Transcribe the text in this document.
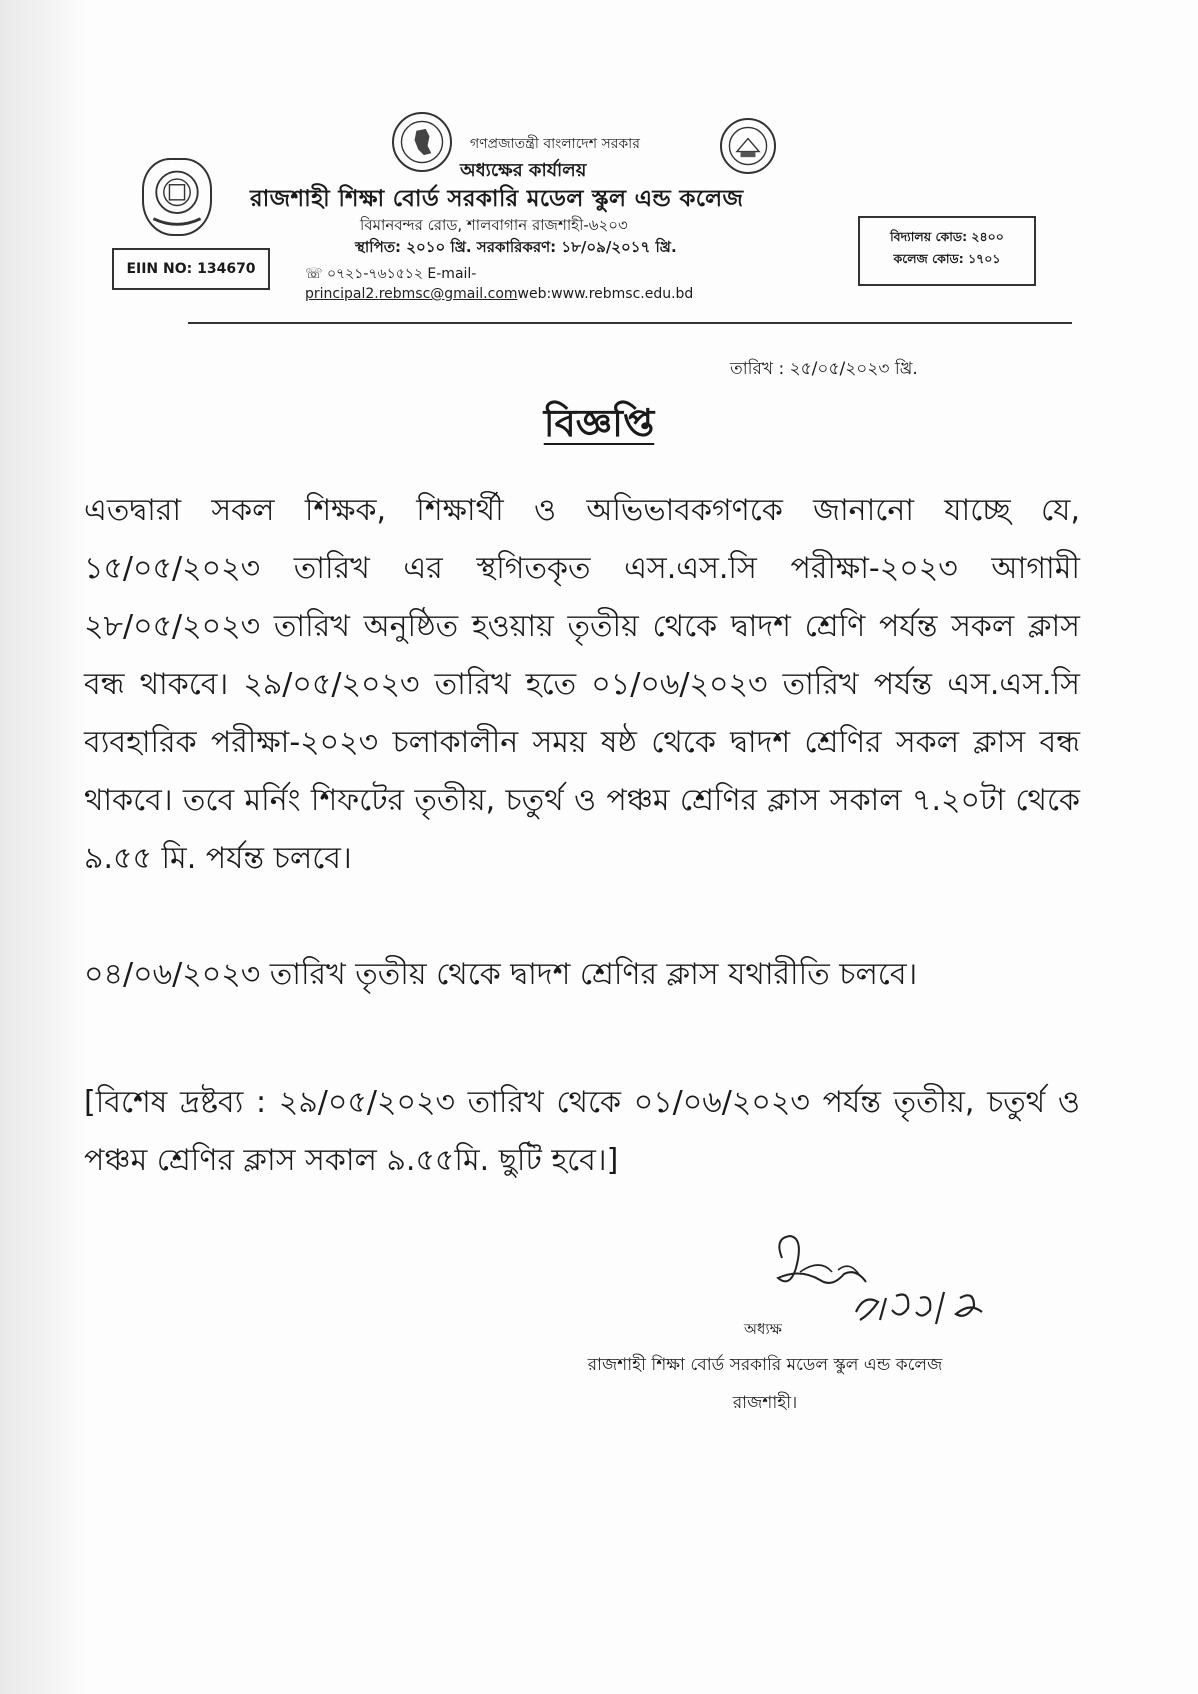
গণপ্রজাতন্ত্রী বাংলাদেশ সরকার
অধ্যক্ষের কার্যালয়
রাজশাহী শিক্ষা বোর্ড সরকারি মডেল স্কুল এন্ড কলেজ
বিমানবন্দর রোড, শালবাগান রাজশাহী-৬২০৩
স্থাপিত: ২০১০ খ্রি. সরকারিকরণ: ১৮/০৯/২০১৭ খ্রি.
☏ ০৭২১-৭৬১৫১২ E-mail- principal2.rebmsc@gmail.comweb:www.rebmsc.edu.bd
EIIN NO: 134670
বিদ্যালয় কোড: ২৪০০
কলেজ কোড: ১৭০১
তারিখ : ২৫/০৫/২০২৩ খ্রি.
বিজ্ঞপ্তি
এতদ্বারা সকল শিক্ষক, শিক্ষার্থী ও অভিভাবকগণকে জানানো যাচ্ছে যে, ১৫/০৫/২০২৩ তারিখ এর স্থগিতকৃত এস.এস.সি পরীক্ষা-২০২৩ আগামী ২৮/০৫/২০২৩ তারিখ অনুষ্ঠিত হওয়ায় তৃতীয় থেকে দ্বাদশ শ্রেণি পর্যন্ত সকল ক্লাস বন্ধ থাকবে। ২৯/০৫/২০২৩ তারিখ হতে ০১/০৬/২০২৩ তারিখ পর্যন্ত এস.এস.সি ব্যবহারিক পরীক্ষা-২০২৩ চলাকালীন সময় ষষ্ঠ থেকে দ্বাদশ শ্রেণির সকল ক্লাস বন্ধ থাকবে। তবে মর্নিং শিফটের তৃতীয়, চতুর্থ ও পঞ্চম শ্রেণির ক্লাস সকাল ৭.২০টা থেকে ৯.৫৫ মি. পর্যন্ত চলবে।
০৪/০৬/২০২৩ তারিখ তৃতীয় থেকে দ্বাদশ শ্রেণির ক্লাস যথারীতি চলবে।
[বিশেষ দ্রষ্টব্য : ২৯/০৫/২০২৩ তারিখ থেকে ০১/০৬/২০২৩ পর্যন্ত তৃতীয়, চতুর্থ ও পঞ্চম শ্রেণির ক্লাস সকাল ৯.৫৫মি. ছুটি হবে।]
অধ্যক্ষ
রাজশাহী শিক্ষা বোর্ড সরকারি মডেল স্কুল এন্ড কলেজ
রাজশাহী।
